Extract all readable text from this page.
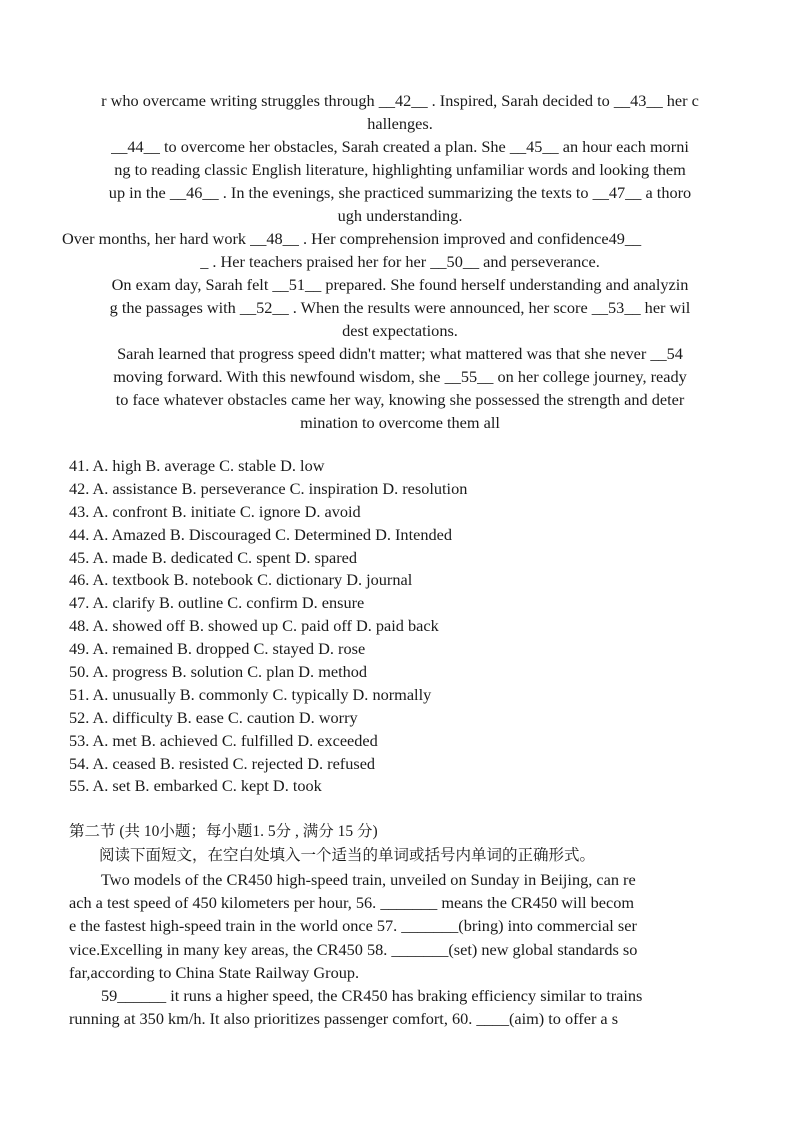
r who overcame writing struggles through __42__ . Inspired, Sarah decided to __43__ her c
hallenges.
__44__ to overcome her obstacles, Sarah created a plan. She __45__ an hour each morni
ng to reading classic English literature, highlighting unfamiliar words and looking them
up in the __46__ . In the evenings, she practiced summarizing the texts to __47__ a thoro
ugh understanding.
Over months, her hard work __48__ . Her comprehension improved and confidence49__
_ . Her teachers praised her for her __50__ and perseverance.
On exam day, Sarah felt __51__ prepared. She found herself understanding and analyzin
g the passages with __52__ . When the results were announced, her score __53__ her wil
dest expectations.
Sarah learned that progress speed didn't matter; what mattered was that she never __54
moving forward. With this newfound wisdom, she __55__ on her college journey, ready
to face whatever obstacles came her way, knowing she possessed the strength and deter
mination to overcome them all
41. A. high B. average C. stable D. low
42. A. assistance B. perseverance C. inspiration D. resolution
43. A. confront B. initiate C. ignore D. avoid
44. A. Amazed B. Discouraged C. Determined D. Intended
45. A. made B. dedicated C. spent D. spared
46. A. textbook B. notebook C. dictionary D. journal
47. A. clarify B. outline C. confirm D. ensure
48. A. showed off B. showed up C. paid off D. paid back
49. A. remained B. dropped C. stayed D. rose
50. A. progress B. solution C. plan D. method
51. A. unusually B. commonly C. typically D. normally
52. A. difficulty B. ease C. caution D. worry
53. A. met B. achieved C. fulfilled D. exceeded
54. A. ceased B. resisted C. rejected D. refused
55. A. set B. embarked C. kept D. took
第二节 (共 10小题；每小题1. 5分 , 满分 15 分)
阅读下面短文，在空白处填入一个适当的单词或括号内单词的正确形式。
Two models of the CR450 high-speed train, unveiled on Sunday in Beijing, can re
ach a test speed of 450 kilometers per hour, 56. _______ means the CR450 will becom
e the fastest high-speed train in the world once 57. _______(bring) into commercial ser
vice.Excelling in many key areas, the CR450 58. _______(set) new global standards so
far,according to China State Railway Group.
59______ it runs a higher speed, the CR450 has braking efficiency similar to trains
running at 350 km/h. It also prioritizes passenger comfort, 60. ____(aim) to offer a s
